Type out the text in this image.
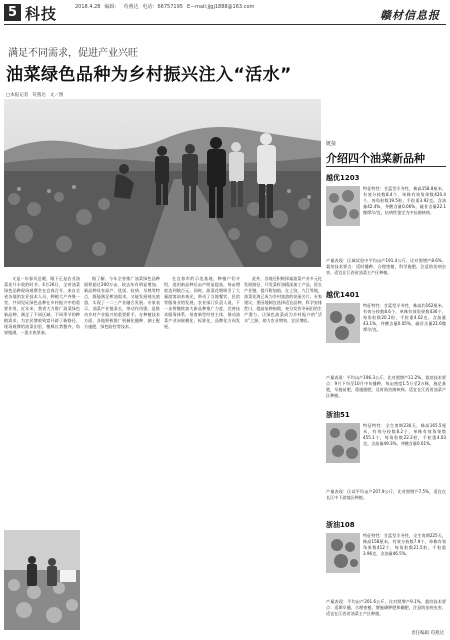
5 科技	2018.4.28 编辑： 苟燕达 电话：66757195 E—mail:jjgj1888@163.com
赣材信息报
满足不同需求，促进产业兴旺
油菜绿色品种为乡村振兴注入“活水”
□本报记者 苟燕达 文／图

又是一年春风送暖，眼下正是农业油菜花开丰收的时节。4月26日，全省油菜绿色品种现场观摩会在宜春召开，来自全省各地的农业技术人员、种植大户齐聚一堂，共同见证绿色品种在乡村振兴中的重要作用。近年来，我省大力推广油菜绿色新品种，满足了不同区域、不同季节的种植需求，为农民增收致富开辟了新路径。现场观摩的油菜田里，植株长势整齐，角果饱满，一派丰收景象。

据了解，今年全省推广油菜绿色品种面积超过200万亩，较去年有明显增加。新品种具有高产、优质、抗病、早熟等特点，既能满足榨油需求，又能发展观光旅游，实现了一二三产业融合发展。专家表示，油菜产业链条长，带动作用强，是推动乡村产业振兴的重要抓手。在种植技术方面，各地积极推广机械化播种、测土配方施肥、绿色防控等技术。

在宜春市的示范基地，种植户们介绍，选用新品种后亩产明显提高，每亩增收达到数百元。同时，油菜花期吸引了大量游客前来观光，带动了当地餐饮、民宿等服务业的发展。农业部门负责人说，下一步将继续加大新品种推广力度，完善技术服务体系，培育新型经营主体，推动油菜产业向规模化、标准化、品牌化方向发展。

此外，各地还积极探索油菜产业多元化发展路径，开发菜籽油精深加工产品，延长产业链，提升附加值。在上饶、九江等地，油菜花海已成为乡村旅游的亮丽名片。专家建议，要因地制宜选择适宜品种，科学安排茬口，提高复种指数，充分发挥冬闲田的生产潜力，让绿色油菜成为乡村振兴的“活水”之源，助力农业增效、农民增收。

链接
介绍四个油菜新品种
越优1203
特征特性：甘蓝型半冬性，株高158.8厘米，有效分枝数8.4个，单株有效角果数420.4个，每角粒数19.5粒，千粒重3.92克。含油量42.4%，芥酸含量0.06%，硫苷含量22.1微摩尔/克，抗病性鉴定为中抗菌核病。
产量表现：区域试验中平均亩产191.4公斤，比对照增产8.6%。栽培技术要点：适时播种，合理密植，科学施肥，注意防治病虫害。适宜在江西省油菜主产区种植。
越优1401
特征特性：甘蓝型半冬性，株高约162厘米，有效分枝数8.6个，单株有效角果数436个，每角粒数20.1粒，千粒重4.02克。含油量43.1%，芥酸含量0.05%，硫苷含量21.6微摩尔/克。
产量表现：平均亩产196.3公斤，比对照增产11.2%。栽培技术要点：9月下旬至10月中旬播种，每亩密度1.5万至2万株，施足基肥，早施苗肥，重施腊肥，及时防治菌核病。适宜在江西省油菜产区种植。
浙油51
特征特性：全生育期230天，株高165.5厘米，有效分枝数8.2个，单株有效角果数455.1个，每角粒数22.2粒，千粒重4.03克。含油量49.3%，芥酸含量0.01%。
产量表现：区试平均亩产207.9公斤，比对照增产7.5%，适宜在长江中下游地区种植。
浙油108
特征特性：甘蓝型半冬性，全生育期225天，株高158厘米，有效分枝数7.9个，单株有效角果数412个，每角粒数21.5粒，千粒重3.96克，含油量46.5%。
产量表现：平均亩产201.6公斤，比对照增产9.1%。栽培技术要点：适期早播，合理密植，增施磷钾肥和硼肥，注意防治病虫害。适宜在江西省油菜主产区种植。
责任编辑 苟燕达
